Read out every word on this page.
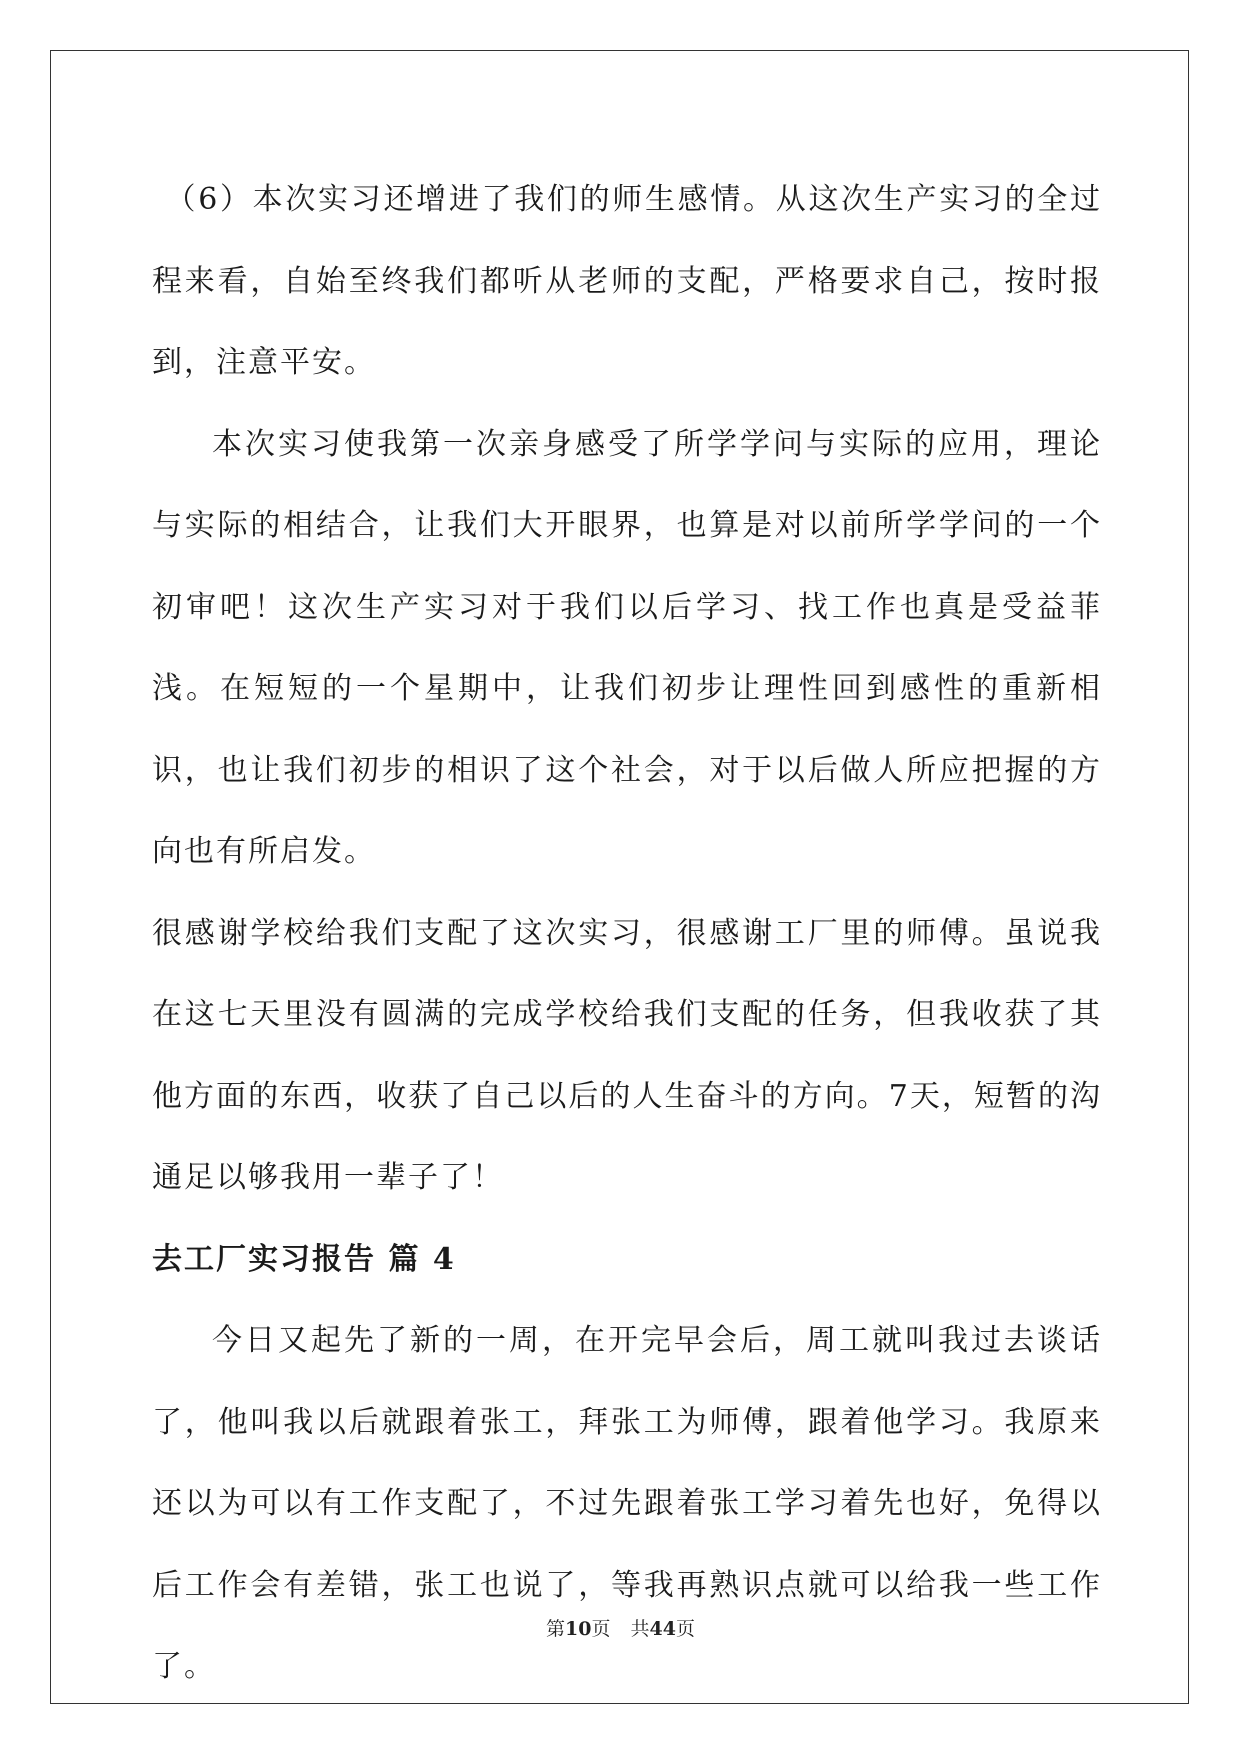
（6）本次实习还增进了我们的师生感情。从这次生产实习的全过程来看，自始至终我们都听从老师的支配，严格要求自己，按时报到，注意平安。

本次实习使我第一次亲身感受了所学学问与实际的应用，理论与实际的相结合，让我们大开眼界，也算是对以前所学学问的一个初审吧！这次生产实习对于我们以后学习、找工作也真是受益菲浅。在短短的一个星期中，让我们初步让理性回到感性的重新相识，也让我们初步的相识了这个社会，对于以后做人所应把握的方向也有所启发。

很感谢学校给我们支配了这次实习，很感谢工厂里的师傅。虽说我在这七天里没有圆满的完成学校给我们支配的任务，但我收获了其他方面的东西，收获了自己以后的人生奋斗的方向。7天，短暂的沟通足以够我用一辈子了！

去工厂实习报告 篇 4

今日又起先了新的一周，在开完早会后，周工就叫我过去谈话了，他叫我以后就跟着张工，拜张工为师傅，跟着他学习。我原来还以为可以有工作支配了，不过先跟着张工学习着先也好，免得以后工作会有差错，张工也说了，等我再熟识点就可以给我一些工作了。

第10页 共44页
